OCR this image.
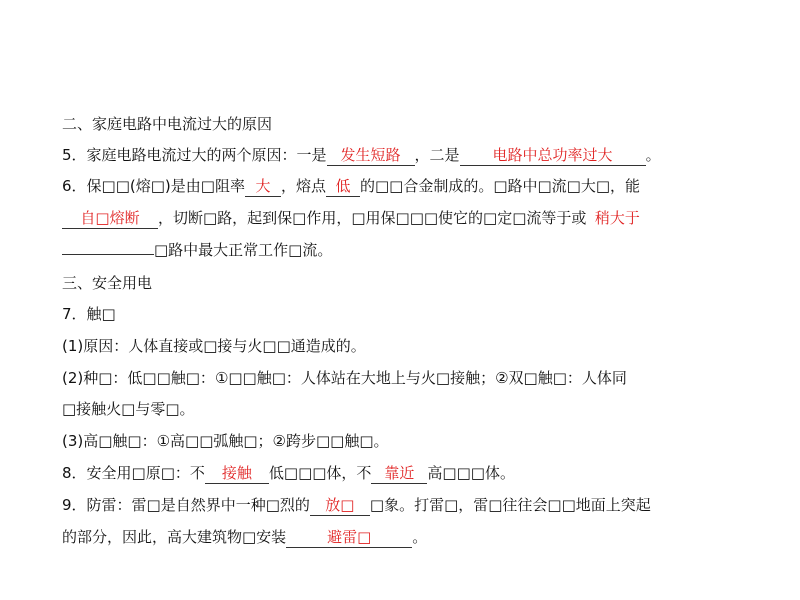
二、家庭电路中电流过大的原因
5．家庭电路电流过大的两个原因：一是 发生短路 ，二是 电路中总功率过大 。
6．保□□(熔□)是由□阻率 大 ，熔点 低 的□□合金制成的。□路中□流□大□，能
自□熔断 ，切断□路，起到保□作用，□用保□□□使它的□定□流等于或 稍大于
□路中最大正常工作□流。
三、安全用电
7．触□
(1)原因：人体直接或□接与火□□通造成的。
(2)种□：低□□触□：①□□触□：人体站在大地上与火□接触；②双□触□：人体同
□接触火□与零□。
(3)高□触□：①高□□弧触□；②跨步□□触□。
8．安全用□原□：不 接触 低□□□体，不 靠近 高□□□体。
9．防雷：雷□是自然界中一种□烈的 放□ □象。打雷□，雷□往往会□□地面上突起
的部分，因此，高大建筑物□安装	避雷□	。
